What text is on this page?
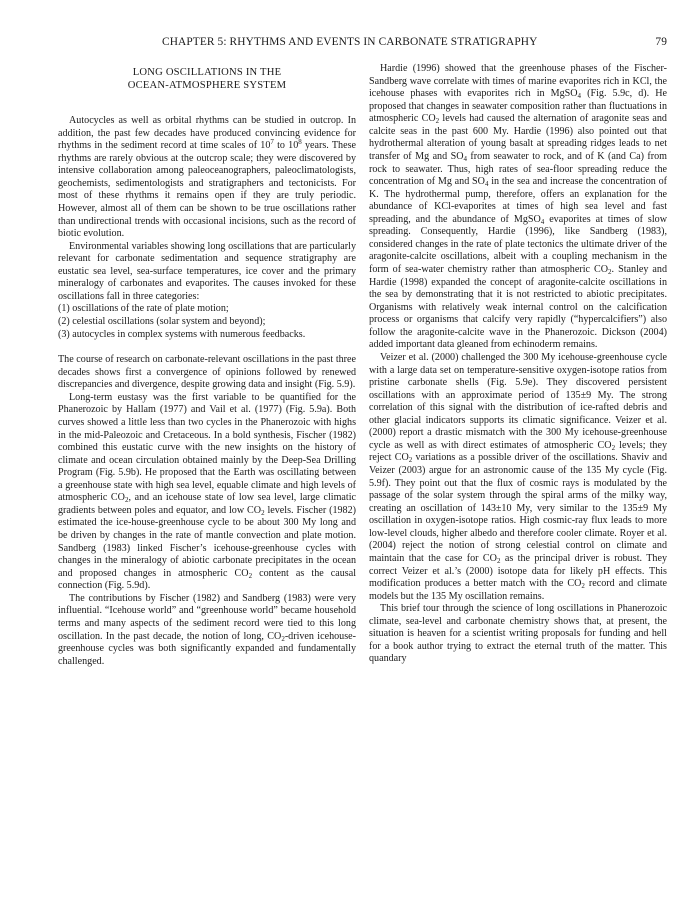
CHAPTER 5: RHYTHMS AND EVENTS IN CARBONATE STRATIGRAPHY	79
LONG OSCILLATIONS IN THE
OCEAN-ATMOSPHERE SYSTEM

Autocycles as well as orbital rhythms can be studied in outcrop. In addition, the past few decades have produced convincing evidence for rhythms in the sediment record at time scales of $10^7$ to $10^8$ years. These rhythms are rarely obvious at the outcrop scale; they were discovered by intensive collaboration among paleoceanographers, paleoclimatologists, geochemists, sedimentologists and stratigraphers and tectonicists. For most of these rhythms it remains open if they are truly periodic. However, almost all of them can be shown to be true oscillations rather than undirectional trends with occasional incisions, such as the record of biotic evolution.

Environmental variables showing long oscillations that are particularly relevant for carbonate sedimentation and sequence stratigraphy are eustatic sea level, sea-surface temperatures, ice cover and the primary mineralogy of carbonates and evaporites. The causes invoked for these oscillations fall in three categories:

(1) oscillations of the rate of plate motion;

(2) celestial oscillations (solar system and beyond);

(3) autocycles in complex systems with numerous feedbacks.

The course of research on carbonate-relevant oscillations in the past three decades shows first a convergence of opinions followed by renewed discrepancies and divergence, despite growing data and insight (Fig. 5.9).

Long-term eustasy was the first variable to be quantified for the Phanerozoic by Hallam (1977) and Vail et al. (1977) (Fig. 5.9a). Both curves showed a little less than two cycles in the Phanerozoic with highs in the mid-Paleozoic and Cretaceous. In a bold synthesis, Fischer (1982) combined this eustatic curve with the new insights on the history of climate and ocean circulation obtained mainly by the Deep-Sea Drilling Program (Fig. 5.9b). He proposed that the Earth was oscillating between a greenhouse state with high sea level, equable climate and high levels of atmospheric $CO_2$, and an icehouse state of low sea level, large climatic gradients between poles and equator, and low $CO_2$ levels. Fischer (1982) estimated the ice-house-greenhouse cycle to be about 300 My long and be driven by changes in the rate of mantle convection and plate motion. Sandberg (1983) linked Fischer’s icehouse-greenhouse cycles with changes in the mineralogy of abiotic carbonate precipitates in the ocean and proposed changes in atmospheric $CO_2$ content as the causal connection (Fig. 5.9d).

The contributions by Fischer (1982) and Sandberg (1983) were very influential. “Icehouse world” and “greenhouse world” became household terms and many aspects of the sediment record were tied to this long oscillation. In the past decade, the notion of long, $CO_2$-driven icehouse-greenhouse cycles was both significantly expanded and fundamentally challenged.

Hardie (1996) showed that the greenhouse phases of the Fischer-Sandberg wave correlate with times of marine evaporites rich in KCl, the icehouse phases with evaporites rich in MgSO$_4$ (Fig. 5.9c, d). He proposed that changes in seawater composition rather than fluctuations in atmospheric $CO_2$ levels had caused the alternation of aragonite seas and calcite seas in the past 600 My. Hardie (1996) also pointed out that hydrothermal alteration of young basalt at spreading ridges leads to net transfer of Mg and $SO_4$ from seawater to rock, and of K (and Ca) from rock to seawater. Thus, high rates of sea-floor spreading reduce the concentration of Mg and $SO_4$ in the sea and increase the concentration of K. The hydrothermal pump, therefore, offers an explanation for the abundance of KCl-evaporites at times of high sea level and fast spreading, and the abundance of MgSO$_4$ evaporites at times of slow spreading. Consequently, Hardie (1996), like Sandberg (1983), considered changes in the rate of plate tectonics the ultimate driver of the aragonite-calcite oscillations, albeit with a coupling mechanism in the form of sea-water chemistry rather than atmospheric $CO_2$. Stanley and Hardie (1998) expanded the concept of aragonite-calcite oscillations in the sea by demonstrating that it is not restricted to abiotic precipitates. Organisms with relatively weak internal control on the calcification process or organisms that calcify very rapidly (“hypercalcifiers”) also follow the aragonite-calcite wave in the Phanerozoic. Dickson (2004) added important data gleaned from echinoderm remains.

Veizer et al. (2000) challenged the 300 My icehouse-greenhouse cycle with a large data set on temperature-sensitive oxygen-isotope ratios from pristine carbonate shells (Fig. 5.9e). They discovered persistent oscillations with an approximate period of 135±9 My. The strong correlation of this signal with the distribution of ice-rafted debris and other glacial indicators supports its climatic significance. Veizer et al. (2000) report a drastic mismatch with the 300 My icehouse-greenhouse cycle as well as with direct estimates of atmospheric $CO_2$ levels; they reject $CO_2$ variations as a possible driver of the oscillations. Shaviv and Veizer (2003) argue for an astronomic cause of the 135 My cycle (Fig. 5.9f). They point out that the flux of cosmic rays is modulated by the passage of the solar system through the spiral arms of the milky way, creating an oscillation of 143±10 My, very similar to the 135±9 My oscillation in oxygen-isotope ratios. High cosmic-ray flux leads to more low-level clouds, higher albedo and therefore cooler climate. Royer et al. (2004) reject the notion of strong celestial control on climate and maintain that the case for $CO_2$ as the principal driver is robust. They correct Veizer et al.’s (2000) isotope data for likely pH effects. This modification produces a better match with the $CO_2$ record and climate models but the 135 My oscillation remains.

This brief tour through the science of long oscillations in Phanerozoic climate, sea-level and carbonate chemistry shows that, at present, the situation is heaven for a scientist writing proposals for funding and hell for a book author trying to extract the eternal truth of the matter. This quandary
